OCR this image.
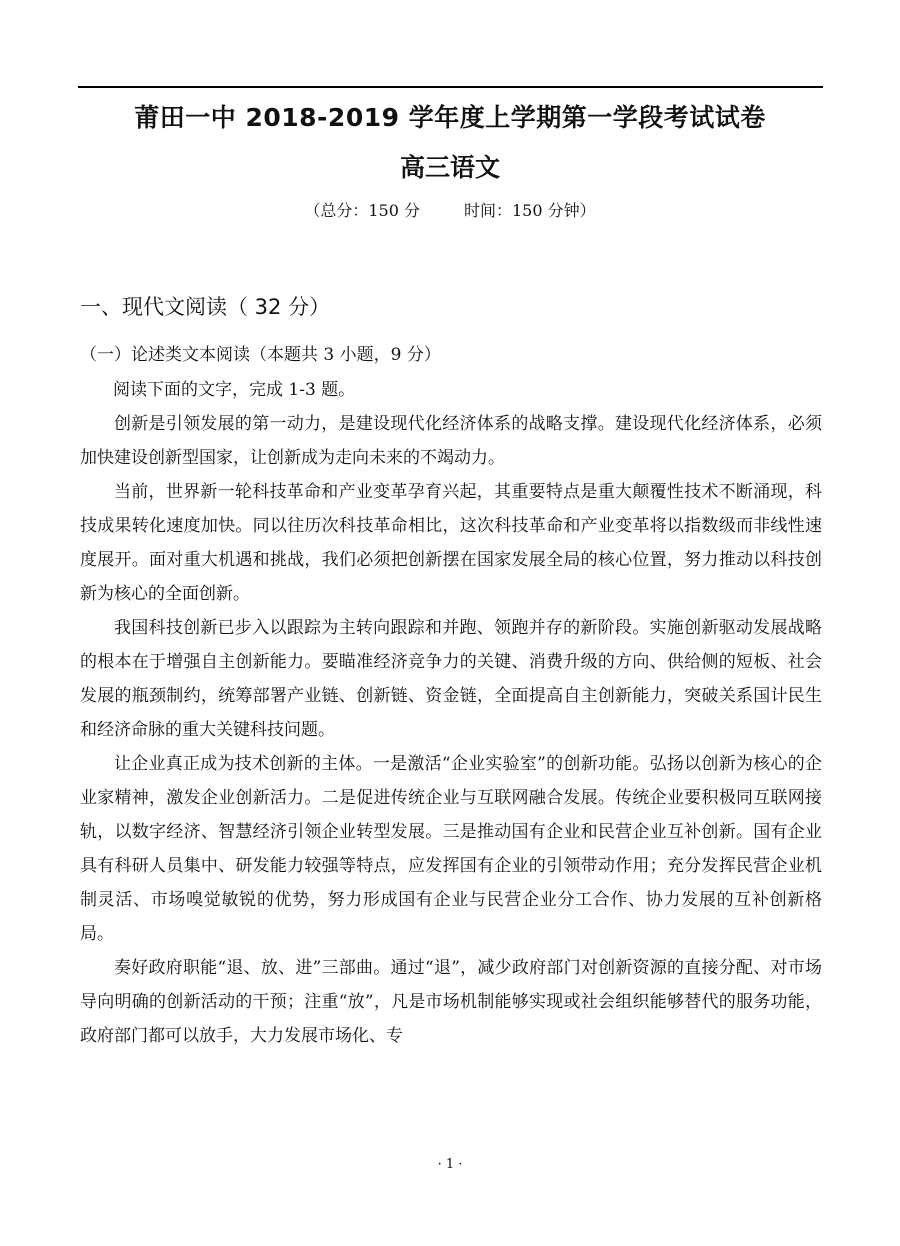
莆田一中 2018-2019 学年度上学期第一学段考试试卷
高三语文
（总分：150 分	时间：150 分钟）
一、现代文阅读（ 32 分）
（一）论述类文本阅读（本题共 3 小题，9 分）
阅读下面的文字，完成 1-3 题。

创新是引领发展的第一动力，是建设现代化经济体系的战略支撑。建设现代化经济体系，必须加快建设创新型国家，让创新成为走向未来的不竭动力。

当前，世界新一轮科技革命和产业变革孕育兴起，其重要特点是重大颠覆性技术不断涌现，科技成果转化速度加快。同以往历次科技革命相比，这次科技革命和产业变革将以指数级而非线性速度展开。面对重大机遇和挑战，我们必须把创新摆在国家发展全局的核心位置，努力推动以科技创新为核心的全面创新。

我国科技创新已步入以跟踪为主转向跟踪和并跑、领跑并存的新阶段。实施创新驱动发展战略的根本在于增强自主创新能力。要瞄准经济竞争力的关键、消费升级的方向、供给侧的短板、社会发展的瓶颈制约，统筹部署产业链、创新链、资金链，全面提高自主创新能力，突破关系国计民生和经济命脉的重大关键科技问题。

让企业真正成为技术创新的主体。一是激活“企业实验室”的创新功能。弘扬以创新为核心的企业家精神，激发企业创新活力。二是促进传统企业与互联网融合发展。传统企业要积极同互联网接轨，以数字经济、智慧经济引领企业转型发展。三是推动国有企业和民营企业互补创新。国有企业具有科研人员集中、研发能力较强等特点，应发挥国有企业的引领带动作用；充分发挥民营企业机制灵活、市场嗅觉敏锐的优势，努力形成国有企业与民营企业分工合作、协力发展的互补创新格局。

奏好政府职能“退、放、进”三部曲。通过“退”，减少政府部门对创新资源的直接分配、对市场导向明确的创新活动的干预；注重“放”，凡是市场机制能够实现或社会组织能够替代的服务功能，政府部门都可以放手，大力发展市场化、专

· 1 ·
